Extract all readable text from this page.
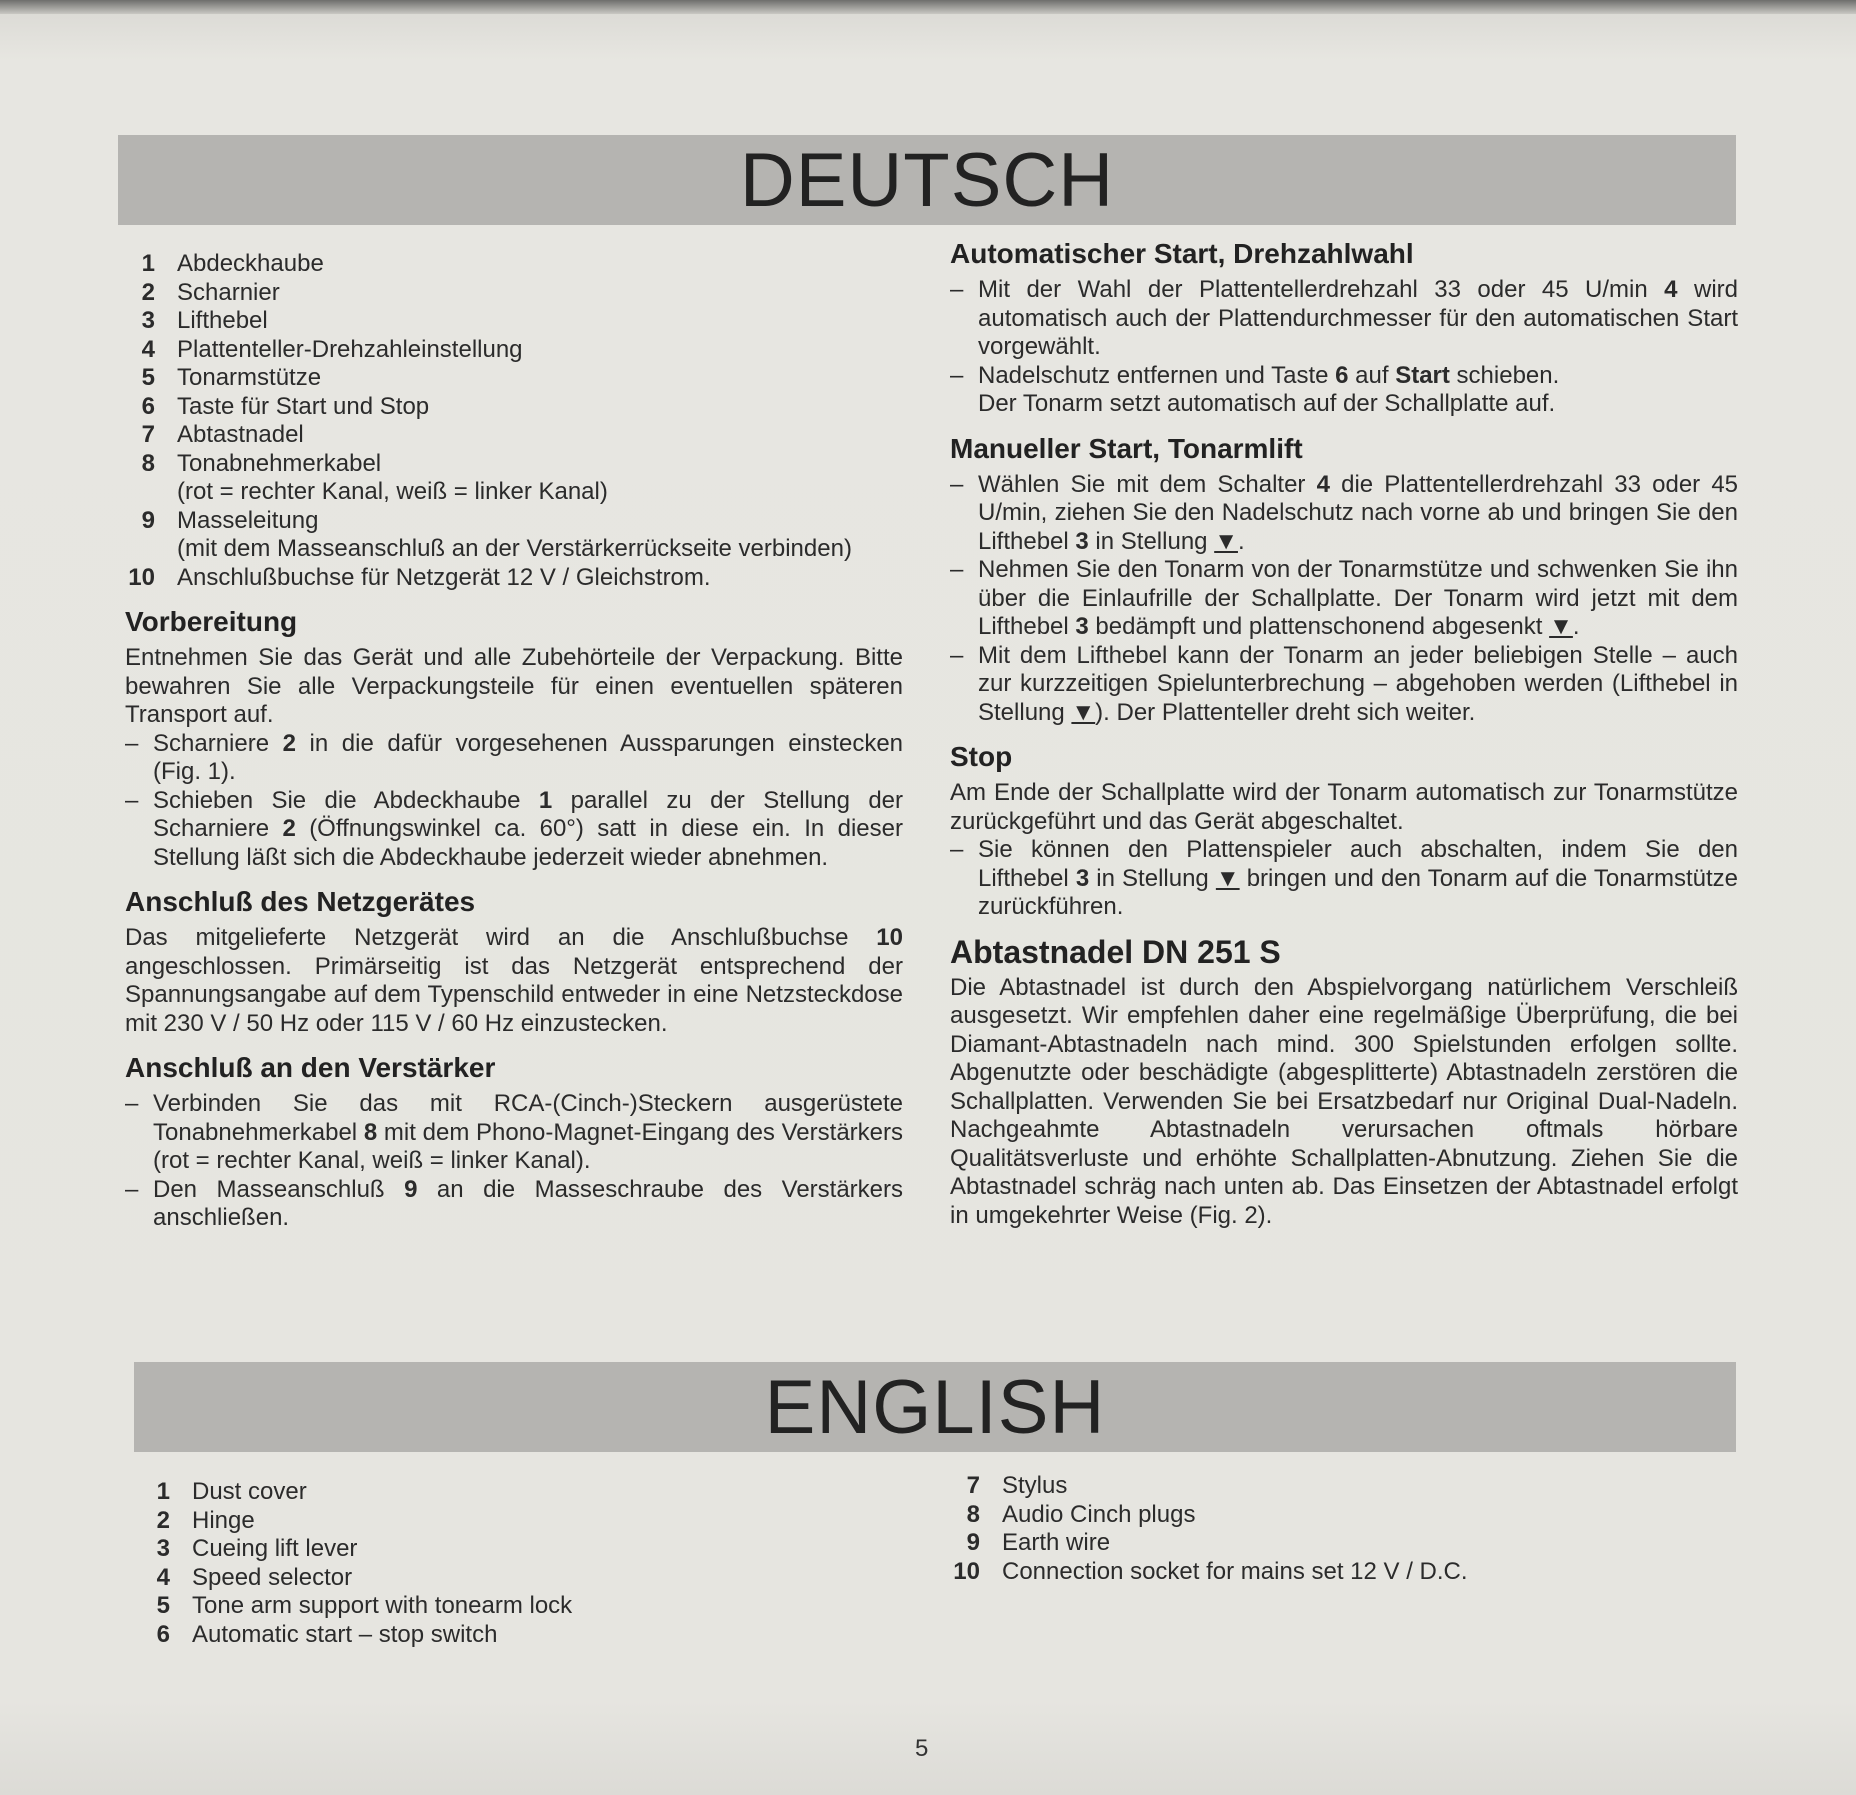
DEUTSCH
1 Abdeckhaube
2 Scharnier
3 Lifthebel
4 Plattenteller-Drehzahleinstellung
5 Tonarmstütze
6 Taste für Start und Stop
7 Abtastnadel
8 Tonabnehmerkabel
(rot = rechter Kanal, weiß = linker Kanal)
9 Masseleitung
(mit dem Masseanschluß an der Verstärkerrückseite verbinden)
10 Anschlußbuchse für Netzgerät 12 V / Gleichstrom.
Vorbereitung

Entnehmen Sie das Gerät und alle Zubehörteile der Verpackung. Bitte bewahren Sie alle Verpackungsteile für einen eventuellen späteren Transport auf.

– Scharniere 2 in die dafür vorgesehenen Aussparungen einstecken (Fig. 1).
– Schieben Sie die Abdeckhaube 1 parallel zu der Stellung der Scharniere 2 (Öffnungswinkel ca. 60°) satt in diese ein. In dieser Stellung läßt sich die Abdeckhaube jederzeit wieder abnehmen.
Anschluß des Netzgerätes

Das mitgelieferte Netzgerät wird an die Anschlußbuchse 10 angeschlossen. Primärseitig ist das Netzgerät entsprechend der Spannungsangabe auf dem Typenschild entweder in eine Netzsteckdose mit 230 V / 50 Hz oder 115 V / 60 Hz einzustecken.

Anschluß an den Verstärker
– Verbinden Sie das mit RCA-(Cinch-)Steckern ausgerüstete Tonabnehmerkabel 8 mit dem Phono-Magnet-Eingang des Verstärkers (rot = rechter Kanal, weiß = linker Kanal).
– Den Masseanschluß 9 an die Masseschraube des Verstärkers anschließen.
Automatischer Start, Drehzahlwahl
– Mit der Wahl der Plattentellerdrehzahl 33 oder 45 U/min 4 wird automatisch auch der Plattendurchmesser für den automatischen Start vorgewählt.
– Nadelschutz entfernen und Taste 6 auf Start schieben.
Der Tonarm setzt automatisch auf der Schallplatte auf.
Manueller Start, Tonarmlift
– Wählen Sie mit dem Schalter 4 die Plattentellerdrehzahl 33 oder 45 U/min, ziehen Sie den Nadelschutz nach vorne ab und bringen Sie den Lifthebel 3 in Stellung ▼.
– Nehmen Sie den Tonarm von der Tonarmstütze und schwenken Sie ihn über die Einlaufrille der Schallplatte. Der Tonarm wird jetzt mit dem Lifthebel 3 bedämpft und plattenschonend abgesenkt ▼.
– Mit dem Lifthebel kann der Tonarm an jeder beliebigen Stelle – auch zur kurzzeitigen Spielunterbrechung – abgehoben werden (Lifthebel in Stellung ▼). Der Plattenteller dreht sich weiter.
Stop

Am Ende der Schallplatte wird der Tonarm automatisch zur Tonarmstütze zurückgeführt und das Gerät abgeschaltet.

– Sie können den Plattenspieler auch abschalten, indem Sie den Lifthebel 3 in Stellung ▼ bringen und den Tonarm auf die Tonarmstütze zurückführen.
Abtastnadel DN 251 S

Die Abtastnadel ist durch den Abspielvorgang natürlichem Verschleiß ausgesetzt. Wir empfehlen daher eine regelmäßige Überprüfung, die bei Diamant-Abtastnadeln nach mind. 300 Spielstunden erfolgen sollte. Abgenutzte oder beschädigte (abgesplitterte) Abtastnadeln zerstören die Schallplatten. Verwenden Sie bei Ersatzbedarf nur Original Dual-Nadeln. Nachgeahmte Abtastnadeln verursachen oftmals hörbare Qualitätsverluste und erhöhte Schallplatten-Abnutzung. Ziehen Sie die Abtastnadel schräg nach unten ab. Das Einsetzen der Abtastnadel erfolgt in umgekehrter Weise (Fig. 2).

ENGLISH
1 Dust cover
2 Hinge
3 Cueing lift lever
4 Speed selector
5 Tone arm support with tonearm lock
6 Automatic start – stop switch
7 Stylus
8 Audio Cinch plugs
9 Earth wire
10 Connection socket for mains set 12 V / D.C.
5
